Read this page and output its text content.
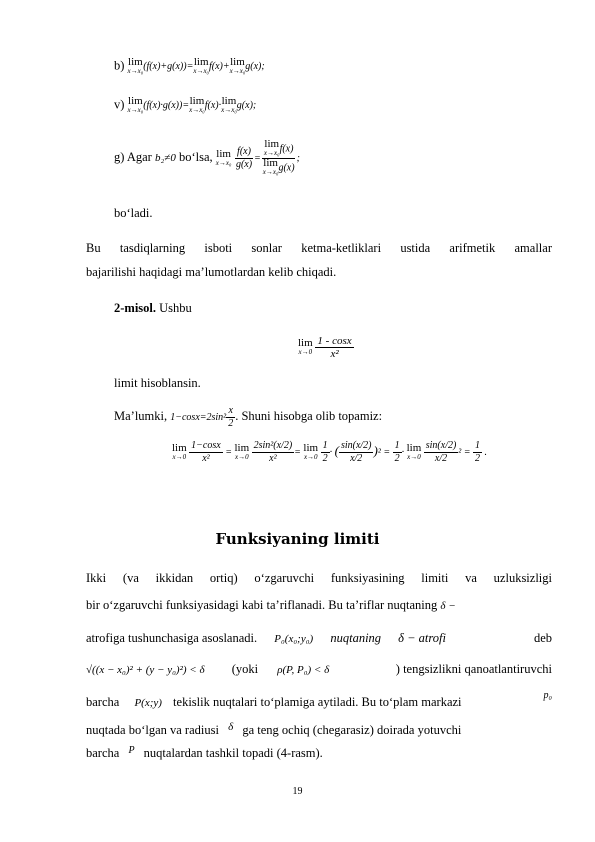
b) lim
x→x₀ (f(x)+g(x))= lim
x→x₀ f(x)+ lim
x→x₀ g(x);
v) lim
x→x₀ (f(x)·g(x))= lim
x→x₀ f(x)· lim
x→x₀ g(x);
g) Agar b₂≠0 bo‘lsa, lim
x→x₀
$\frac{f(x)}{g(x)} = \lim$
x→x₀ f(x)
lim
x→x₀ g(x) ;
bo‘ladi.
Bu tasdiqlarning isboti sonlar ketma-ketliklari ustida arifmetik amallar
bajarilishi haqidagi ma’lumotlardan kelib chiqadi.
2-misol. Ushbu
lim
x→0
$\frac{1 - \cos x}{\text{x²}}$
limit hisoblansin.
Ma’lumki, $1-\cos x=2\sin^2 \frac{x}{2}$ . Shuni hisobga olib topamiz:
lim
x→0
$\frac{1-\cos x}{\text{x²}} = \lim$
x→0
$\frac{\text{2sin²(x/2)}}{\text{x²}} = \lim$
x→0
$\frac{1}{2}$ · ( $\frac{\sin(x/2)}{x/2} )^2 = \frac{1}{2} \cdot \lim$
x→0
$\frac{\sin(x/2)}{x/2} ^2 = \frac{1}{2}$ .
Funksiyaning limiti
Ikki (va ikkidan ortiq) o‘zgaruvchi funksiyasining limiti va uzluksizligi
bir o‘zgaruvchi funksiyasidagi kabi ta’riflanadi. Bu ta’riflar nuqtaning δ −
atrofiga tushunchasiga asoslanadi. P₀(x₀;y₀) nuqtaning δ − atrofi	deb
√((x − x₀)² + (y − y₀)²) < δ (yoki ρ(P, P₀) < δ	) tengsizlikni qanoatlantiruvchi
barcha P(x;y) tekislik nuqtalari to‘plamiga aytiladi. Bu to‘plam markazi	p₀
nuqtada bo‘lgan va radiusi δ ga teng ochiq (chegarasiz) doirada yotuvchi
barcha $^P$ nuqtalardan tashkil topadi (4-rasm).
19
